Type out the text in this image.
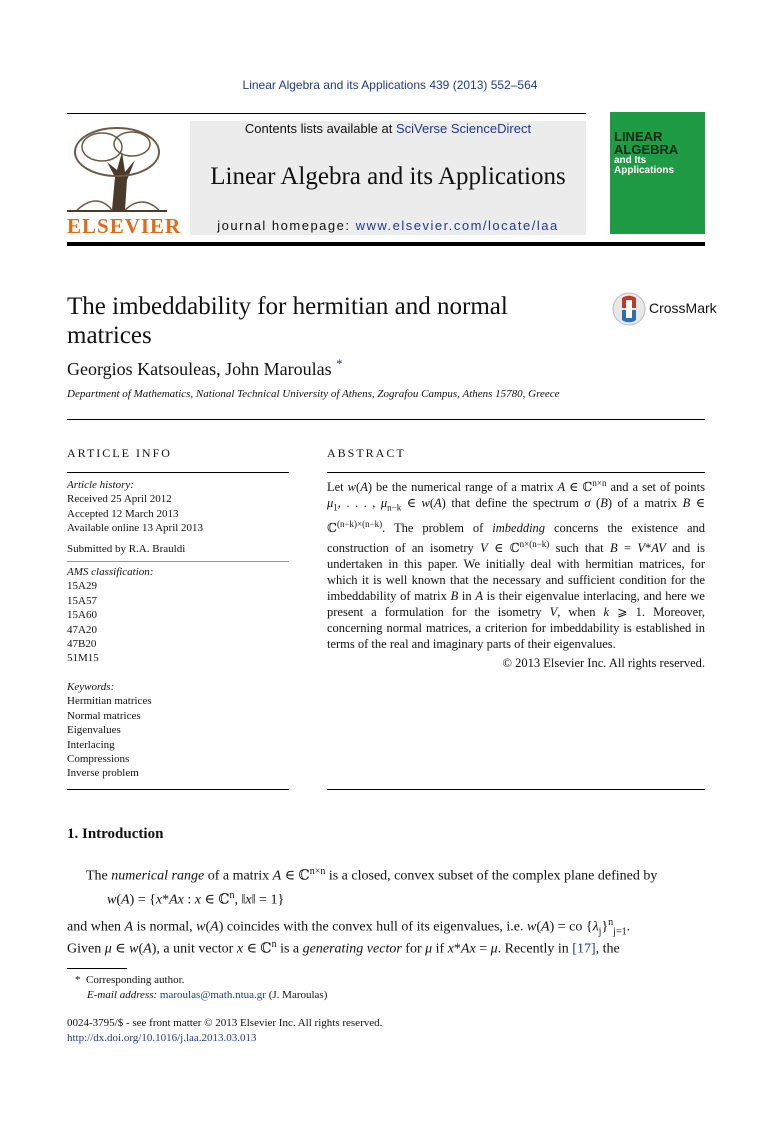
Linear Algebra and its Applications 439 (2013) 552–564
ELSEVIER
Contents lists available at SciVerse ScienceDirect
Linear Algebra and its Applications
journal homepage: www.elsevier.com/locate/laa
LINEAR
ALGEBRA
and Its
Applications
The imbeddability for hermitian and normal matrices
CrossMark
Georgios Katsouleas, John Maroulas *
Department of Mathematics, National Technical University of Athens, Zografou Campus, Athens 15780, Greece
ARTICLE INFO
Article history:
Received 25 April 2012
Accepted 12 March 2013
Available online 13 April 2013
Submitted by R.A. Brauldi
AMS classification:
15A29
15A57
15A60
47A20
47B20
51M15
Keywords:
Hermitian matrices
Normal matrices
Eigenvalues
Interlacing
Compressions
Inverse problem
ABSTRACT
Let w(A) be the numerical range of a matrix A ∈ ℂ$^{n\times n}$ and a set of points $\mu_1$, . . . , $\mu_{n-k}$ ∈ w(A) that define the spectrum σ (B) of a matrix B ∈ ℂ$^{(n-k)\times(n-k)}$. The problem of imbedding concerns the existence and construction of an isometry V ∈ ℂ$^{n\times(n-k)}$ such that B = V*AV and is undertaken in this paper. We initially deal with hermitian matrices, for which it is well known that the necessary and sufficient condition for the imbeddability of matrix B in A is their eigenvalue interlacing, and here we present a formulation for the isometry V, when k ⩾ 1. Moreover, concerning normal matrices, a criterion for imbeddability is established in terms of the real and imaginary parts of their eigenvalues.
© 2013 Elsevier Inc. All rights reserved.
1. Introduction
The numerical range of a matrix A ∈ ℂ$^{n\times n}$ is a closed, convex subset of the complex plane defined by
w(A) = {x*Ax : x ∈ ℂ$^n$, ‖x‖ = 1}
and when A is normal, w(A) coincides with the convex hull of its eigenvalues, i.e. w(A) = co $\{\lambda_j\}^n_{j=1}$.
Given μ ∈ w(A), a unit vector x ∈ ℂ$^n$ is a generating vector for μ if x*Ax = μ. Recently in [17], the
* Corresponding author.
E-mail address: maroulas@math.ntua.gr (J. Maroulas)
0024-3795/$ - see front matter © 2013 Elsevier Inc. All rights reserved.
http://dx.doi.org/10.1016/j.laa.2013.03.013
